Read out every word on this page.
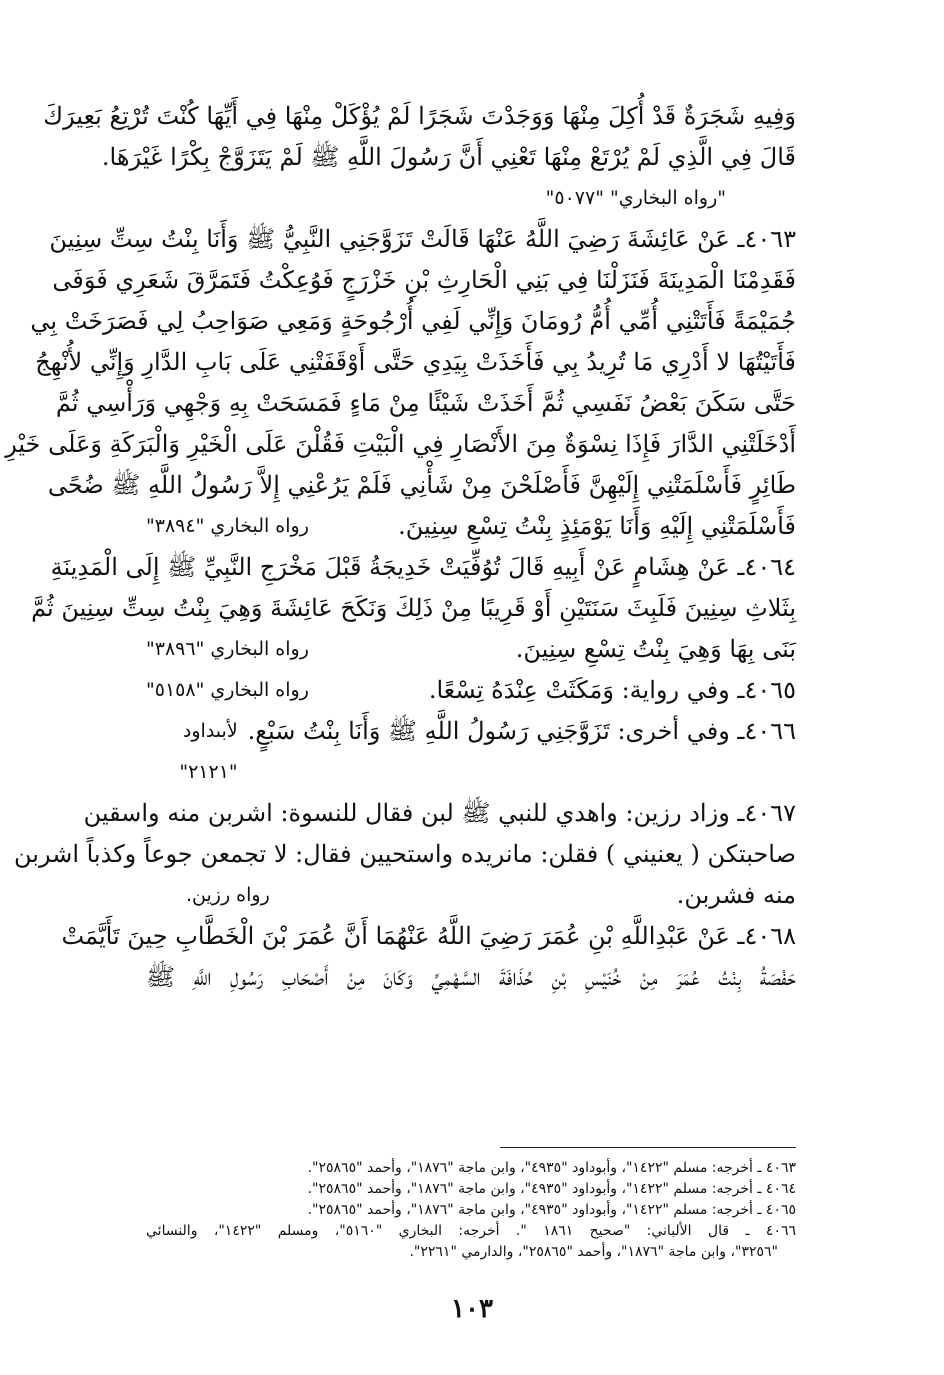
وَفِيهِ شَجَرَةٌ قَدْ أُكِلَ مِنْهَا وَوَجَدْتَ شَجَرًا لَمْ يُؤْكَلْ مِنْهَا فِي أَيِّهَا كُنْتَ تُرْتِعُ بَعِيرَكَ
قَالَ فِي الَّذِي لَمْ يُرْتَعْ مِنْهَا تَعْنِي أَنَّ رَسُولَ اللَّهِ ﷺ لَمْ يَتَزَوَّجْ بِكْرًا غَيْرَهَا.
"رواه البخاري" "٥٠٧٧"
٤٠٦٣ـ عَنْ عَائِشَةَ رَضِيَ اللَّهُ عَنْهَا قَالَتْ تَزَوَّجَنِي النَّبِيُّ ﷺ وَأَنَا بِنْتُ سِتِّ سِنِينَ
فَقَدِمْنَا الْمَدِينَةَ فَنَزَلْنَا فِي بَنِي الْحَارِثِ بْنِ خَزْرَجٍ فَوُعِكْتُ فَتَمَرَّقَ شَعَرِي فَوَفَى
جُمَيْمَةً فَأَتَتْنِي أُمِّي أُمُّ رُومَانَ وَإِنِّي لَفِي أُرْجُوحَةٍ وَمَعِي صَوَاحِبُ لِي فَصَرَخَتْ بِي
فَأَتَيْتُهَا لا أَدْرِي مَا تُرِيدُ بِي فَأَخَذَتْ بِيَدِي حَتَّى أَوْقَفَتْنِي عَلَى بَابِ الدَّارِ وَإِنِّي لأُنْهِجُ
حَتَّى سَكَنَ بَعْضُ نَفَسِي ثُمَّ أَخَذَتْ شَيْئًا مِنْ مَاءٍ فَمَسَحَتْ بِهِ وَجْهِي وَرَأْسِي ثُمَّ
أَدْخَلَتْنِي الدَّارَ فَإِذَا نِسْوَةٌ مِنَ الأَنْصَارِ فِي الْبَيْتِ فَقُلْنَ عَلَى الْخَيْرِ وَالْبَرَكَةِ وَعَلَى خَيْرِ
طَائِرٍ فَأَسْلَمَتْنِي إِلَيْهِنَّ فَأَصْلَحْنَ مِنْ شَأْنِي فَلَمْ يَرُعْنِي إِلاَّ رَسُولُ اللَّهِ ﷺ ضُحًى
فَأَسْلَمَتْنِي إِلَيْهِ وَأَنَا يَوْمَئِذٍ بِنْتُ تِسْعِ سِنِينَ.
رواه البخاري "٣٨٩٤"
٤٠٦٤ـ عَنْ هِشَامٍ عَنْ أَبِيهِ قَالَ تُوُفِّيَتْ خَدِيجَةُ قَبْلَ مَخْرَجِ النَّبِيِّ ﷺ إِلَى الْمَدِينَةِ
بِثَلاثِ سِنِينَ فَلَبِثَ سَنَتَيْنِ أَوْ قَرِيبًا مِنْ ذَلِكَ وَنَكَحَ عَائِشَةَ وَهِيَ بِنْتُ سِتِّ سِنِينَ ثُمَّ
بَنَى بِهَا وَهِيَ بِنْتُ تِسْعِ سِنِينَ.
رواه البخاري "٣٨٩٦"
٤٠٦٥ـ وفي رواية: وَمَكَثَتْ عِنْدَهُ تِسْعًا.
رواه البخاري "٥١٥٨"
٤٠٦٦ـ وفي أخرى: تَزَوَّجَنِي رَسُولُ اللَّهِ ﷺ وَأَنَا بِنْتُ سَبْعٍ.
لأبىداود "٢١٢١"
٤٠٦٧ـ وزاد رزين: واهدي للنبي ﷺ لبن فقال للنسوة: اشربن منه واسقين
صاحبتكن ( يعنيني ) فقلن: مانريده واستحيين فقال: لا تجمعن جوعاً وكذباً اشربن
منه فشربن.
رواه رزين.
٤٠٦٨ـ عَنْ عَبْدِاللَّهِ بْنِ عُمَرَ رَضِيَ اللَّهُ عَنْهُمَا أَنَّ عُمَرَ بْنَ الْخَطَّابِ حِينَ تَأَيَّمَتْ
حَفْصَةُ بِنْتُ عُمَرَ مِنْ خُنَيْسِ بْنِ حُذَافَةَ السَّهْمِيِّ وَكَانَ مِنْ أَصْحَابِ رَسُولِ اللَّهِ ﷺ
٤٠٦٣ ـ أخرجه: مسلم "١٤٢٢"، وأبوداود "٤٩٣٥"، وابن ماجة "١٨٧٦"، وأحمد "٢٥٨٦٥".
٤٠٦٤ ـ أخرجه: مسلم "١٤٢٢"، وأبوداود "٤٩٣٥"، وابن ماجة "١٨٧٦"، وأحمد "٢٥٨٦٥".
٤٠٦٥ ـ أخرجه: مسلم "١٤٢٢"، وأبوداود "٤٩٣٥"، وابن ماجة "١٨٧٦"، وأحمد "٢٥٨٦٥".
٤٠٦٦ ـ قال الألباني: "صحيح ١٨٦١ ". أخرجه: البخاري "٥١٦٠"، ومسلم "١٤٢٢"، والنسائي
"٣٢٥٦"، وابن ماجة "١٨٧٦"، وأحمد "٢٥٨٦٥"، والدارمي "٢٢٦١".
١٠٣
